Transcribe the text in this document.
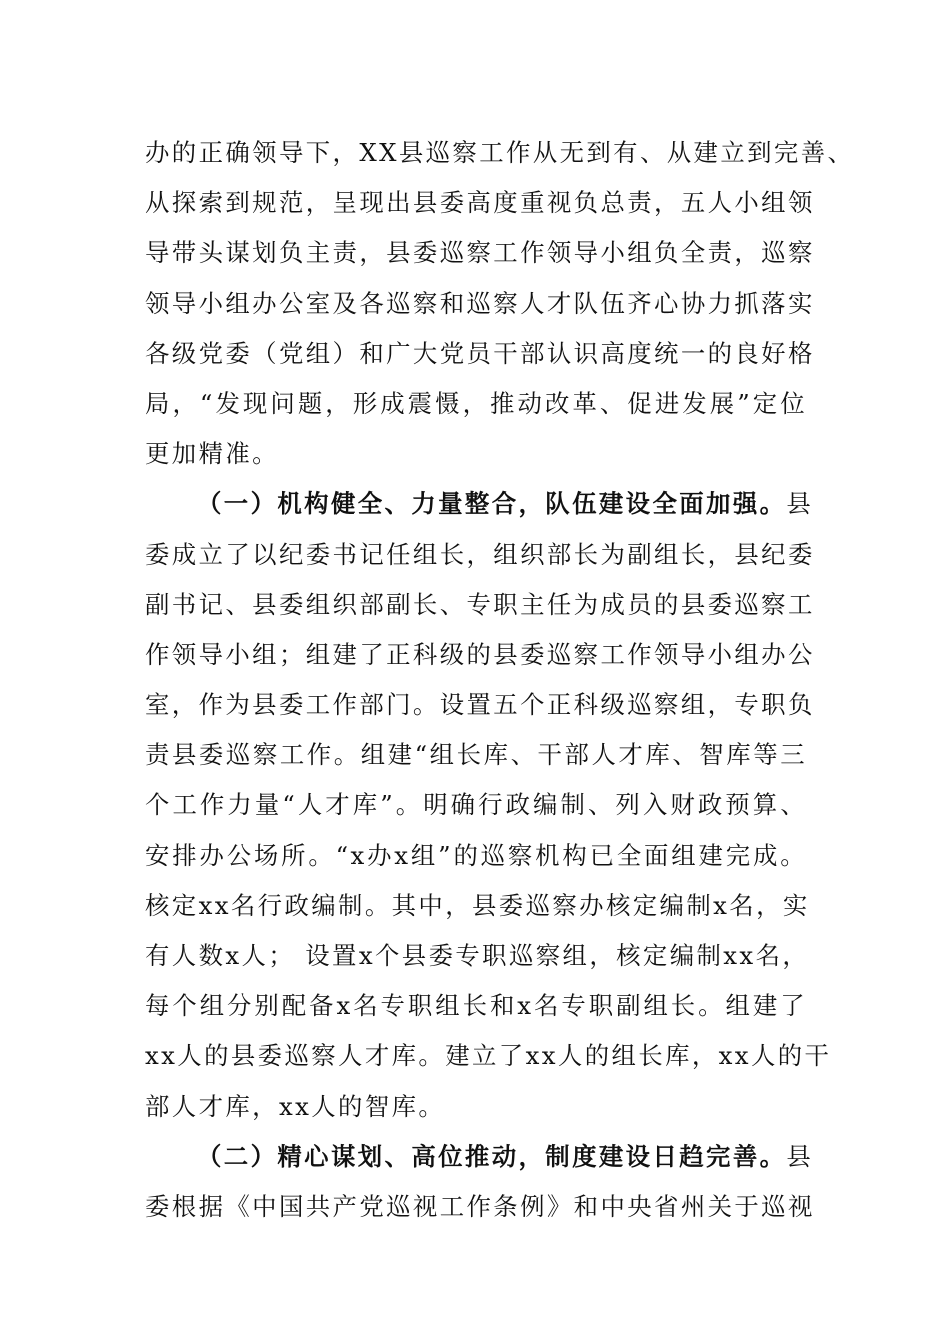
办的正确领导下，XX县巡察工作从无到有、从建立到完善、
从探索到规范，呈现出县委高度重视负总责，五人小组领
导带头谋划负主责，县委巡察工作领导小组负全责，巡察
领导小组办公室及各巡察和巡察人才队伍齐心协力抓落实
各级党委（党组）和广大党员干部认识高度统一的良好格
局，“发现问题，形成震慑，推动改革、促进发展”定位
更加精准。
（一）机构健全、力量整合，队伍建设全面加强。县
委成立了以纪委书记任组长，组织部长为副组长，县纪委
副书记、县委组织部副长、专职主任为成员的县委巡察工
作领导小组；组建了正科级的县委巡察工作领导小组办公
室，作为县委工作部门。设置五个正科级巡察组，专职负
责县委巡察工作。组建“组长库、干部人才库、智库等三
个工作力量“人才库”。明确行政编制、列入财政预算、
安排办公场所。“x办x组”的巡察机构已全面组建完成。
核定xx名行政编制。其中，县委巡察办核定编制x名，实
有人数x人； 设置x个县委专职巡察组，核定编制xx名，
每个组分别配备x名专职组长和x名专职副组长。组建了
xx人的县委巡察人才库。建立了xx人的组长库，xx人的干
部人才库，xx人的智库。
（二）精心谋划、高位推动，制度建设日趋完善。县
委根据《中国共产党巡视工作条例》和中央省州关于巡视
